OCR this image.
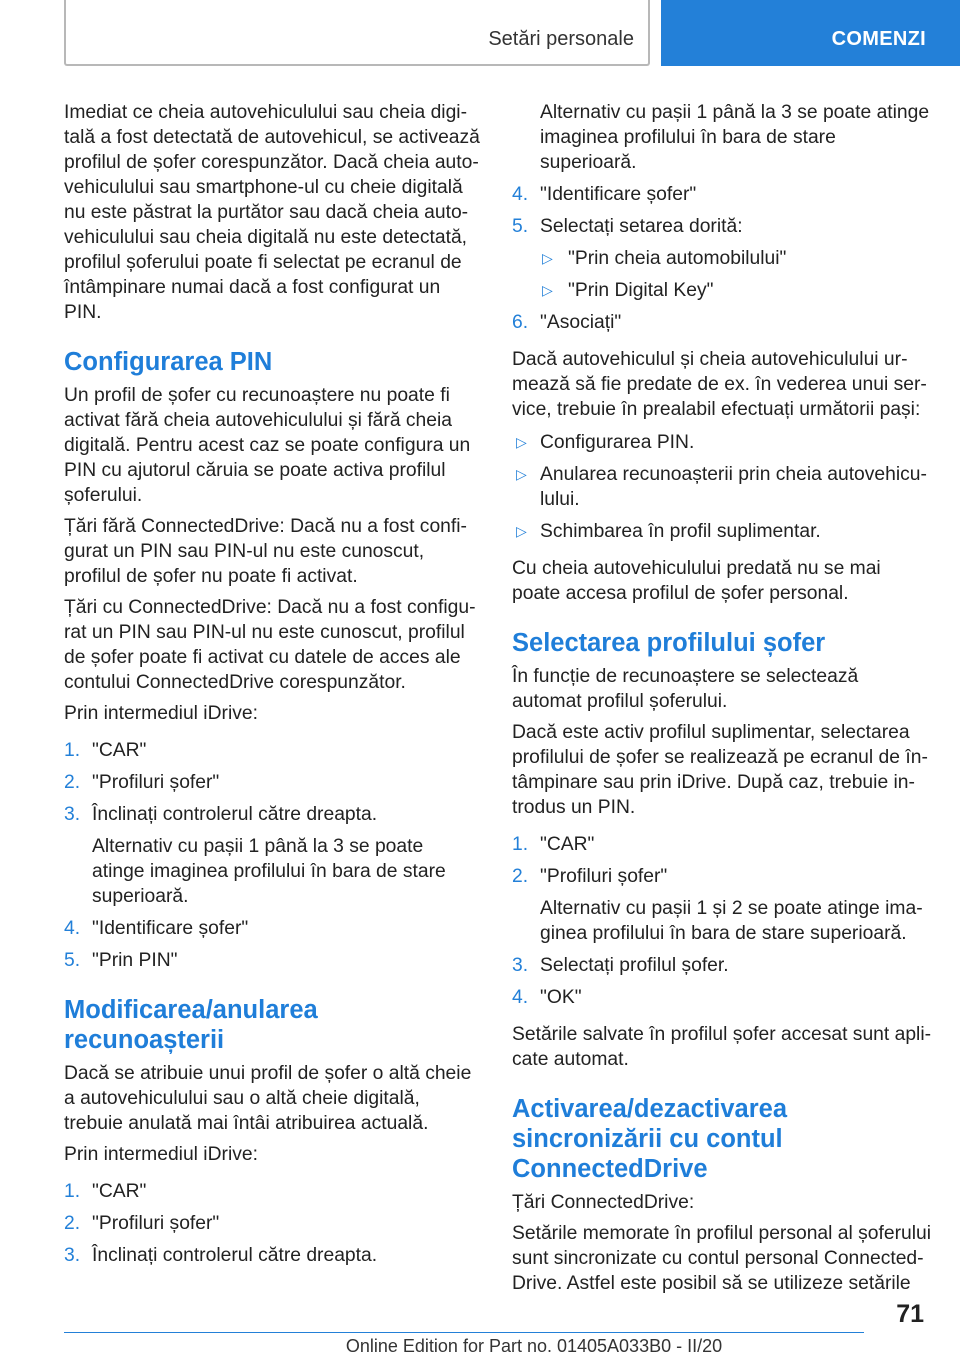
Setări personale	COMENZI

Imediat ce cheia autovehiculului sau cheia digitală a fost detectată de autovehicul, se activează profilul de șofer corespunzător. Dacă cheia autovehiculului sau smartphone-ul cu cheie digitală nu este păstrat la purtător sau dacă cheia autovehiculului sau cheia digitală nu este detectată, profilul șoferului poate fi selectat pe ecranul de întâmpinare numai dacă a fost configurat un PIN.

Configurarea PIN

Un profil de șofer cu recunoaștere nu poate fi activat fără cheia autovehiculului și fără cheia digitală. Pentru acest caz se poate configura un PIN cu ajutorul căruia se poate activa profilul șoferului.

Țări fără ConnectedDrive: Dacă nu a fost configurat un PIN sau PIN-ul nu este cunoscut, profilul de șofer nu poate fi activat.

Țări cu ConnectedDrive: Dacă nu a fost configurat un PIN sau PIN-ul nu este cunoscut, profilul de șofer poate fi activat cu datele de acces ale contului ConnectedDrive corespunzător.

Prin intermediul iDrive:

1. "CAR"
2. "Profiluri șofer"
3. Înclinați controlerul către dreapta.
Alternativ cu pașii 1 până la 3 se poate atinge imaginea profilului în bara de stare superioară.
4. "Identificare șofer"
5. "Prin PIN"
Modificarea/anularea recunoașterii

Dacă se atribuie unui profil de șofer o altă cheie a autovehiculului sau o altă cheie digitală, trebuie anulată mai întâi atribuirea actuală.

Prin intermediul iDrive:

1. "CAR"
2. "Profiluri șofer"
3. Înclinați controlerul către dreapta.
Alternativ cu pașii 1 până la 3 se poate atinge imaginea profilului în bara de stare superioară.
4. "Identificare șofer"
5. Selectați setarea dorită:
▷ "Prin cheia automobilului"
▷ "Prin Digital Key"
6. "Asociați"

Dacă autovehiculul și cheia autovehiculului urmează să fie predate de ex. în vederea unui service, trebuie în prealabil efectuați următorii pași:

▷ Configurarea PIN.
▷ Anularea recunoașterii prin cheia autovehiculului.
▷ Schimbarea în profil suplimentar.

Cu cheia autovehiculului predată nu se mai poate accesa profilul de șofer personal.

Selectarea profilului șofer

În funcție de recunoaștere se selectează automat profilul șoferului.

Dacă este activ profilul suplimentar, selectarea profilului de șofer se realizează pe ecranul de întâmpinare sau prin iDrive. După caz, trebuie introdus un PIN.

1. "CAR"
2. "Profiluri șofer"
Alternativ cu pașii 1 și 2 se poate atinge imaginea profilului în bara de stare superioară.
3. Selectați profilul șofer.
4. "OK"

Setările salvate în profilul șofer accesat sunt aplicate automat.

Activarea/dezactivarea sincronizării cu contul ConnectedDrive

Țări ConnectedDrive:

Setările memorate în profilul personal al șoferului sunt sincronizate cu contul personal ConnectedDrive. Astfel este posibil să se utilizeze setările

71
Online Edition for Part no. 01405A033B0 - II/20
